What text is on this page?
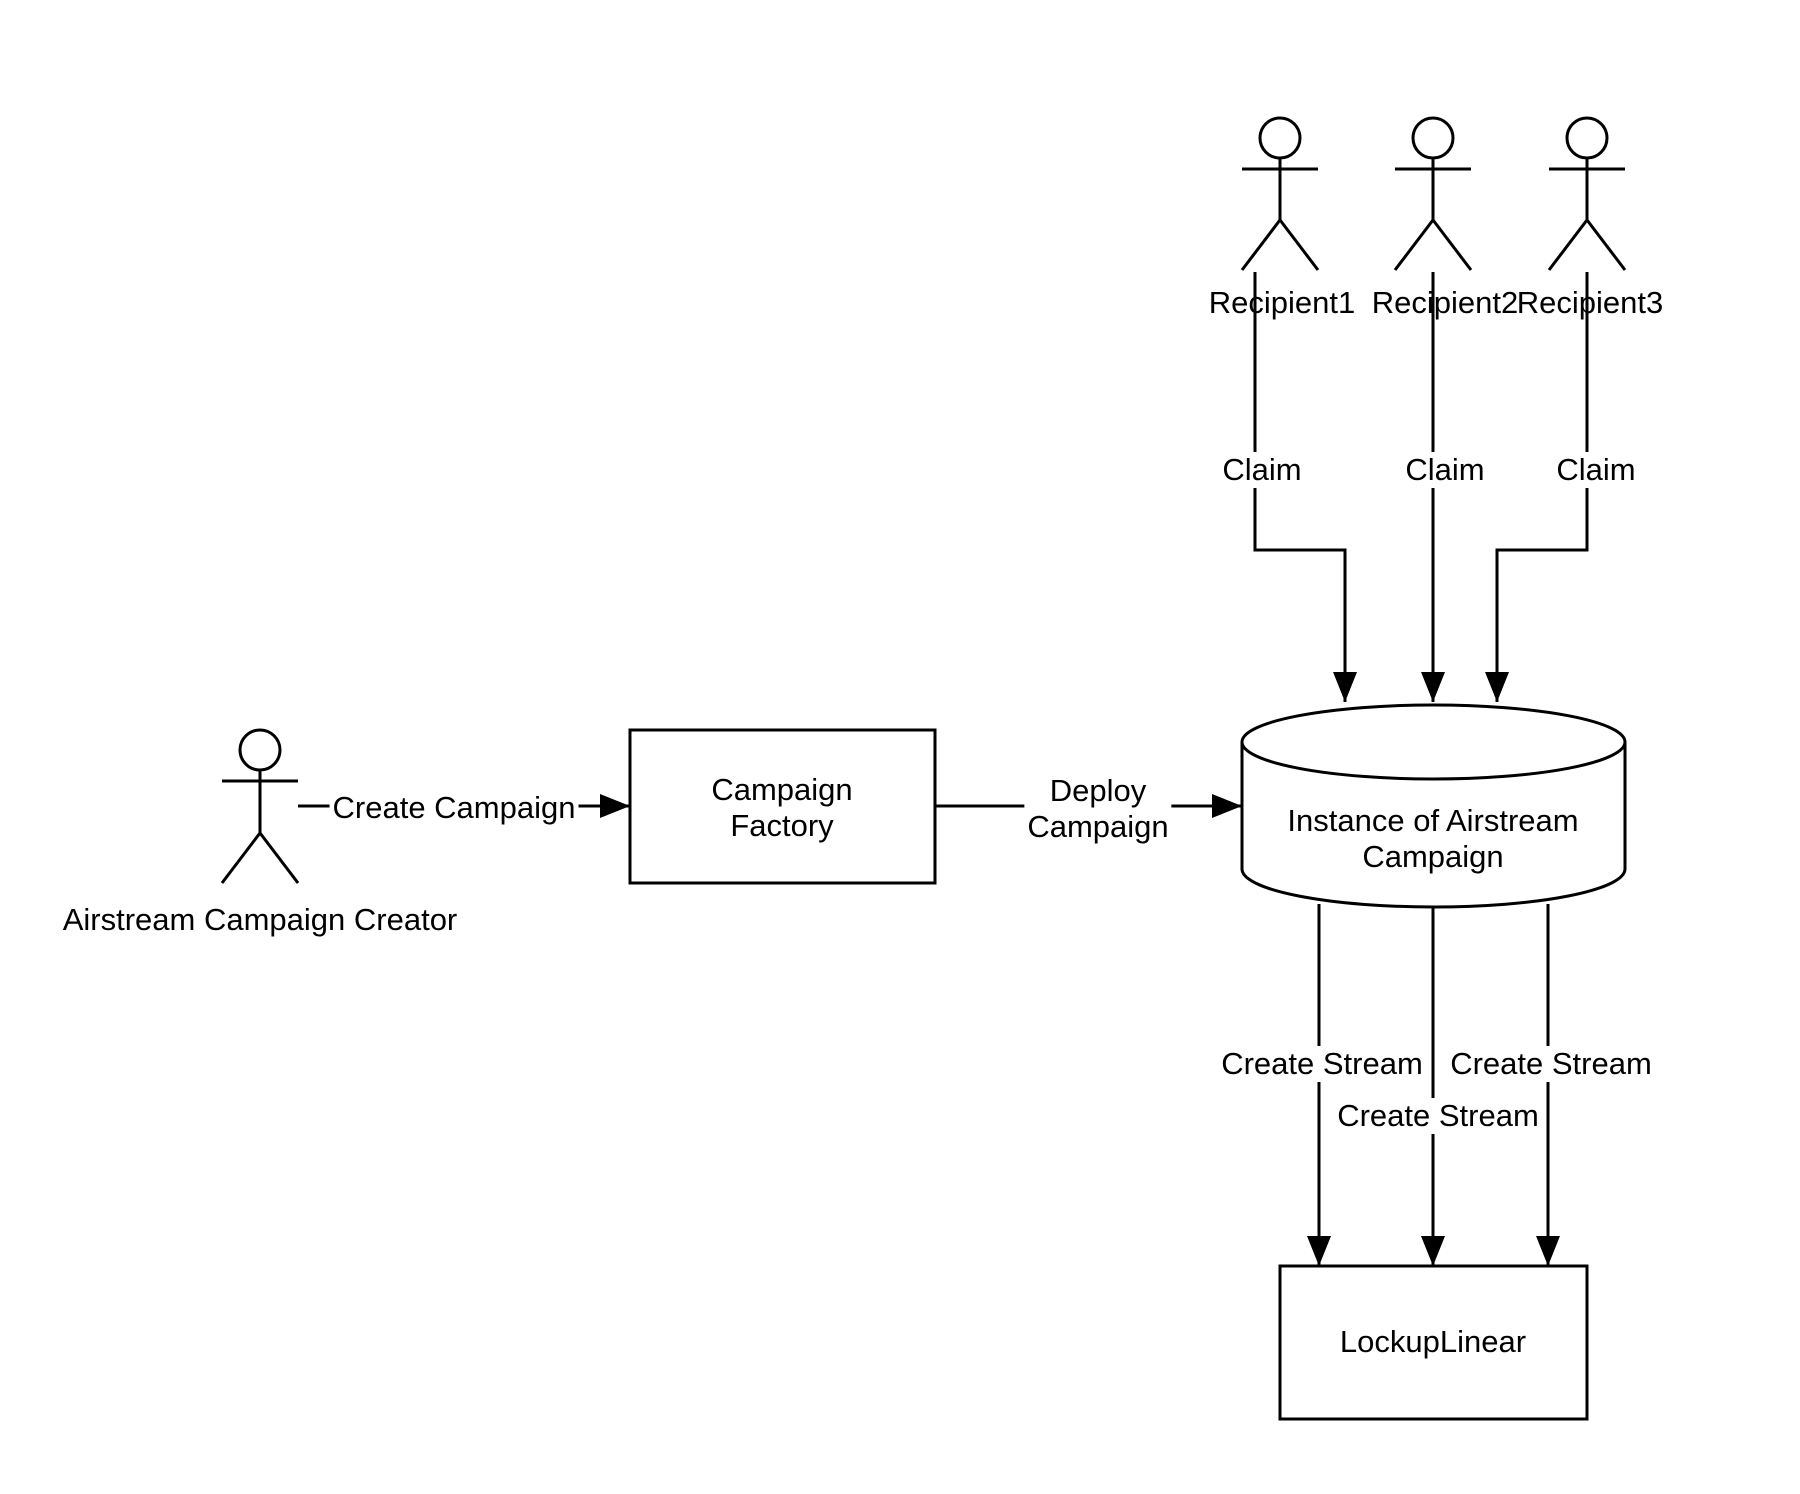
Recipient1 Recipient2
Recipient3
Claim	Claim Claim
Airstream Campaign Creator
Create Campaign
Campaign
Factory
Deploy
Campaign	Instance of Airstream
Campaign
Create Stream
Create Stream
Create Stream
LockupLinear
